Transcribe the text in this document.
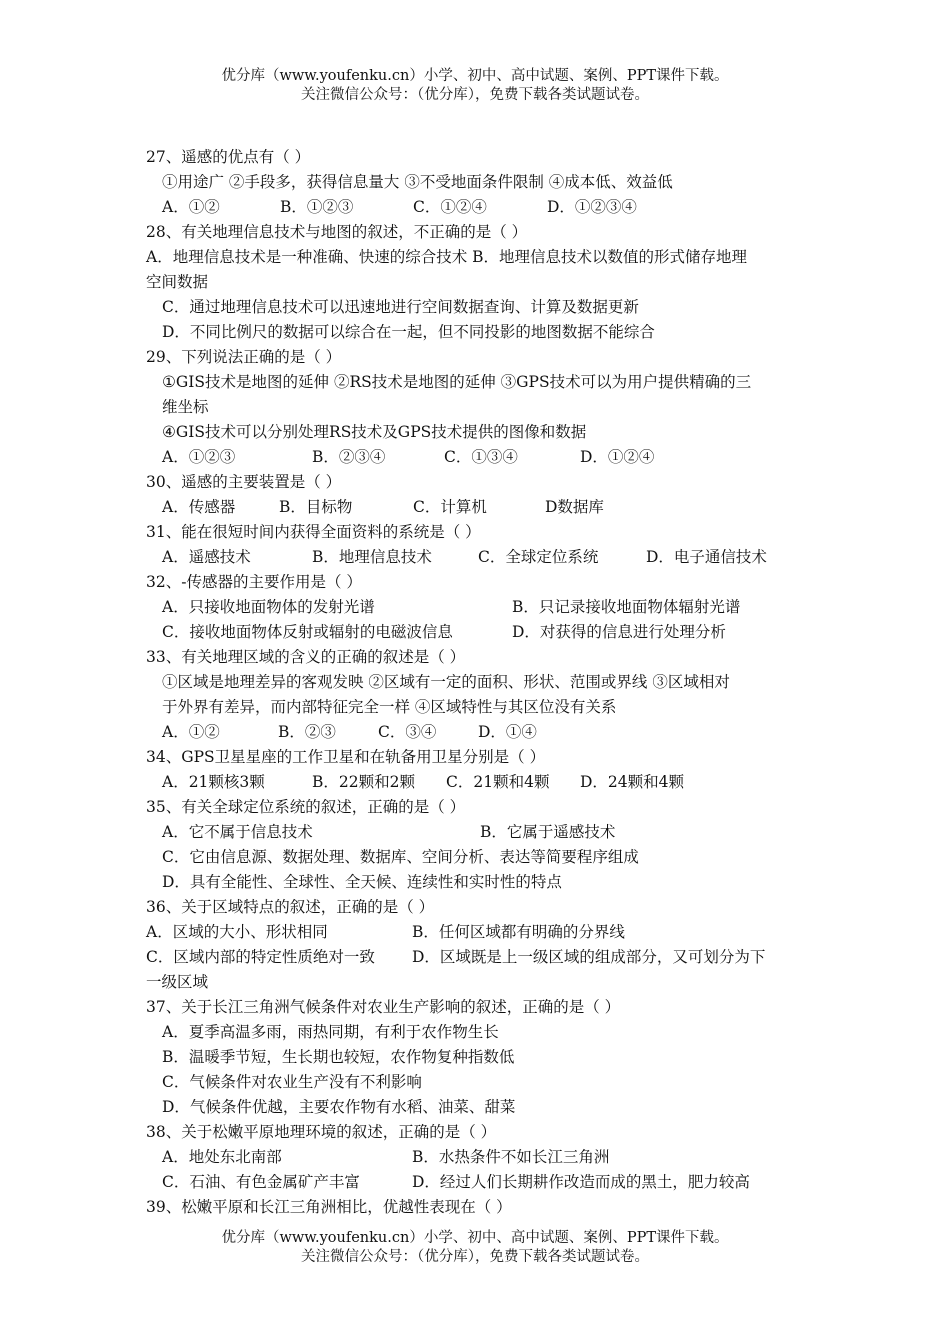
优分库（www.youfenku.cn）小学、初中、高中试题、案例、PPT课件下载。
关注微信公众号：（优分库），免费下载各类试题试卷。
27、遥感的优点有（ ）
①用途广 ②手段多，获得信息量大 ③不受地面条件限制 ④成本低、效益低
A．①②	B．①②③	C．①②④	D．①②③④
28、有关地理信息技术与地图的叙述，不正确的是（ ）
A．地理信息技术是一种准确、快速的综合技术 B．地理信息技术以数值的形式储存地理
空间数据
C．通过地理信息技术可以迅速地进行空间数据查询、计算及数据更新
D．不同比例尺的数据可以综合在一起，但不同投影的地图数据不能综合
29、下列说法正确的是（ ）
①GIS技术是地图的延伸 ②RS技术是地图的延伸 ③GPS技术可以为用户提供精确的三
维坐标
④GIS技术可以分别处理RS技术及GPS技术提供的图像和数据
A．①②③	B．②③④	C．①③④	D．①②④
30、遥感的主要装置是（ ）
A．传感器	B．目标物	C．计算机	D数据库
31、能在很短时间内获得全面资料的系统是（ ）
A．遥感技术	B．地理信息技术	C．全球定位系统	D．电子通信技术
32、-传感器的主要作用是（ ）
A．只接收地面物体的发射光谱	B．只记录接收地面物体辐射光谱
C．接收地面物体反射或辐射的电磁波信息	D．对获得的信息进行处理分析
33、有关地理区域的含义的正确的叙述是（ ）
①区域是地理差异的客观发映 ②区域有一定的面积、形状、范围或界线 ③区域相对
于外界有差异，而内部特征完全一样 ④区域特性与其区位没有关系
A．①②	B．②③	C．③④	D．①④
34、GPS卫星星座的工作卫星和在轨备用卫星分别是（ ）
A．21颗核3颗	B．22颗和2颗 C．21颗和4颗 D．24颗和4颗
35、有关全球定位系统的叙述，正确的是（ ）
A．它不属于信息技术	B．它属于遥感技术
C．它由信息源、数据处理、数据库、空间分析、表达等简要程序组成
D．具有全能性、全球性、全天候、连续性和实时性的特点
36、关于区域特点的叙述，正确的是（ ）
A．区域的大小、形状相同	B．任何区域都有明确的分界线
C．区域内部的特定性质绝对一致 D．区域既是上一级区域的组成部分，又可划分为下
一级区域
37、关于长江三角洲气候条件对农业生产影响的叙述，正确的是（ ）
A．夏季高温多雨，雨热同期，有利于农作物生长
B．温暖季节短，生长期也较短，农作物复种指数低
C．气候条件对农业生产没有不利影响
D．气候条件优越，主要农作物有水稻、油菜、甜菜
38、关于松嫩平原地理环境的叙述，正确的是（ ）
A．地处东北南部	B．水热条件不如长江三角洲
C．石油、有色金属矿产丰富	D．经过人们长期耕作改造而成的黑土，肥力较高
39、松嫩平原和长江三角洲相比，优越性表现在（ ）
优分库（www.youfenku.cn）小学、初中、高中试题、案例、PPT课件下载。
关注微信公众号：（优分库），免费下载各类试题试卷。
